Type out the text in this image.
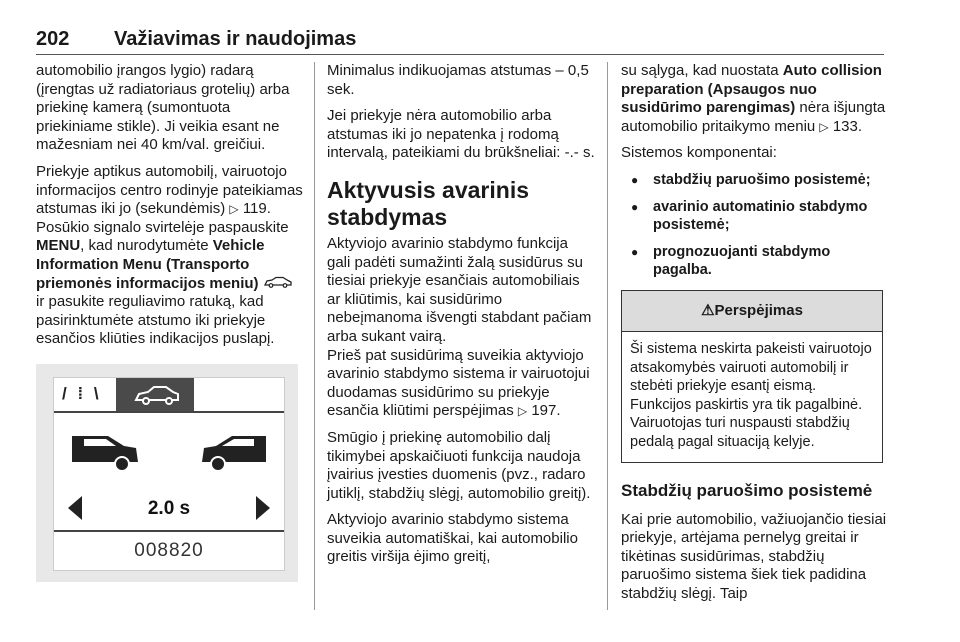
202 Važiavimas ir naudojimas

automobilio įrangos lygio) radarą (įrengtas už radiatoriaus grotelių) arba priekinę kamerą (sumontuota priekiniame stikle). Ji veikia esant ne mažesniam nei 40 km/val. greičiui.

Priekyje aptikus automobilį, vairuotojo informacijos centro rodinyje pateikiamas atstumas iki jo (sekundėmis) ▷ 119. Posūkio signalo svirtelėje paspauskite MENU, kad nurodytumėte Vehicle Information Menu (Transporto priemonės informacijos meniu)  ir pasukite reguliavimo ratuką, kad pasirinktumėte atstumo iki priekyje esančios kliūties indikacijos puslapį.

/ ⁞ \
2.0 s
008820

Minimalus indikuojamas atstumas – 0,5 sek.

Jei priekyje nėra automobilio arba atstumas iki jo nepatenka į rodomą intervalą, pateikiami du brūkšneliai: -.- s.

Aktyvusis avarinis stabdymas

Aktyviojo avarinio stabdymo funkcija gali padėti sumažinti žalą susidūrus su tiesiai priekyje esančiais automobiliais ar kliūtimis, kai susidūrimo nebeįmanoma išvengti stabdant pačiam arba sukant vairą.

Prieš pat susidūrimą suveikia aktyviojo avarinio stabdymo sistema ir vairuotojui duodamas susidūrimo su priekyje esančia kliūtimi perspėjimas ▷ 197.

Smūgio į priekinę automobilio dalį tikimybei apskaičiuoti funkcija naudoja įvairius įvesties duomenis (pvz., radaro jutiklį, stabdžių slėgį, automobilio greitį).

Aktyviojo avarinio stabdymo sistema suveikia automatiškai, kai automobilio greitis viršija ėjimo greitį,

su sąlyga, kad nuostata Auto collision preparation (Apsaugos nuo susidūrimo parengimas) nėra išjungta automobilio pritaikymo meniu ▷ 133.

Sistemos komponentai:

● stabdžių paruošimo posistemė;
● avarinio automatinio stabdymo posistemė;
● prognozuojanti stabdymo pagalba.
⚠Perspėjimas
Ši sistema neskirta pakeisti vairuotojo atsakomybės vairuoti automobilį ir stebėti priekyje esantį eismą. Funkcijos paskirtis yra tik pagalbinė. Vairuotojas turi nuspausti stabdžių pedalą pagal situaciją kelyje.
Stabdžių paruošimo posistemė

Kai prie automobilio, važiuojančio tiesiai priekyje, artėjama pernelyg greitai ir tikėtinas susidūrimas, stabdžių paruošimo sistema šiek tiek padidina stabdžių slėgį. Taip
